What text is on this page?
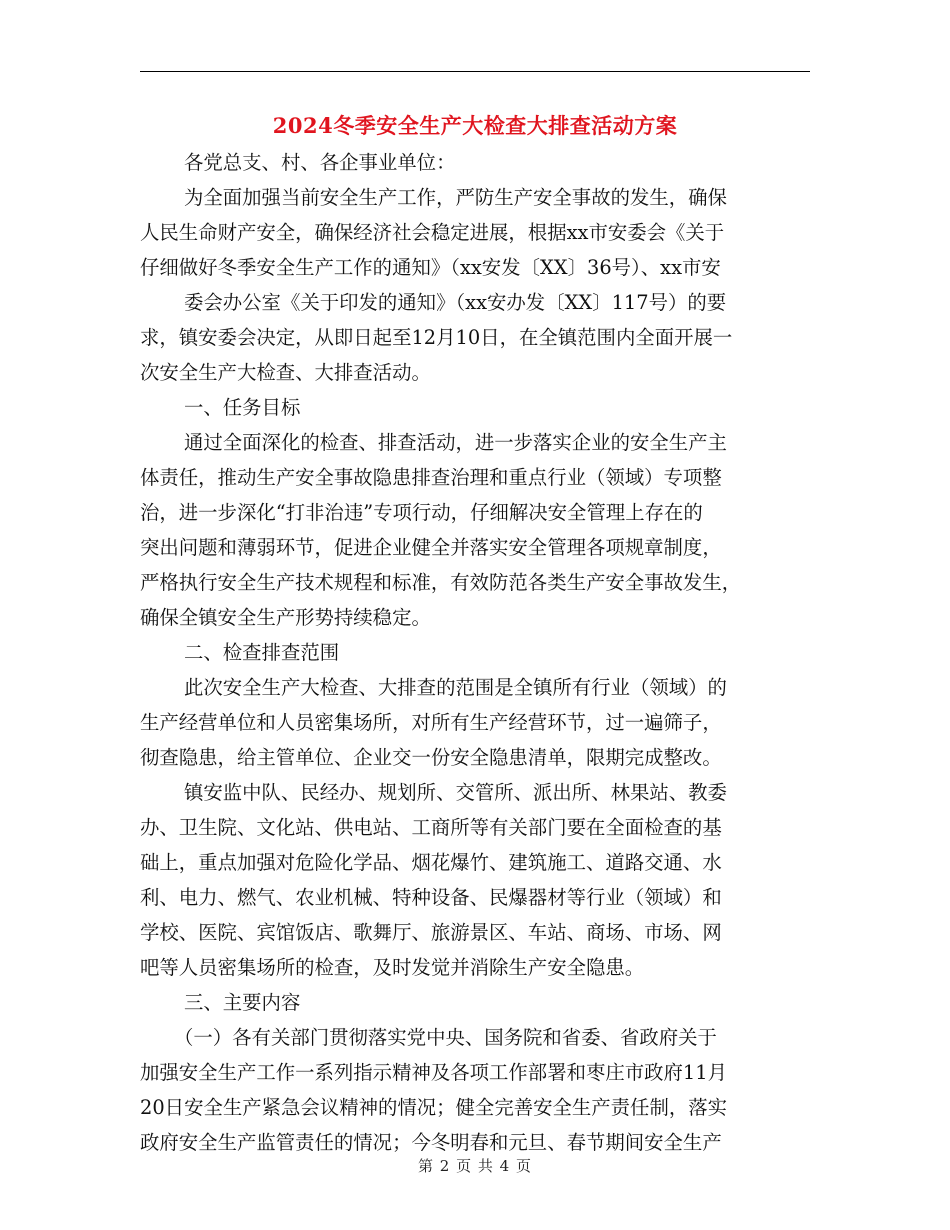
2024冬季安全生产大检查大排查活动方案
各党总支、村、各企事业单位：
为全面加强当前安全生产工作，严防生产安全事故的发生，确保
人民生命财产安全，确保经济社会稳定进展，根据xx市安委会《关于
仔细做好冬季安全生产工作的通知》（xx安发〔XX〕36号）、xx市安
委会办公室《关于印发的通知》（xx安办发〔XX〕117号）的要
求，镇安委会决定，从即日起至12月10日，在全镇范围内全面开展一
次安全生产大检查、大排查活动。
一、任务目标
通过全面深化的检查、排查活动，进一步落实企业的安全生产主
体责任，推动生产安全事故隐患排查治理和重点行业（领域）专项整
治，进一步深化“打非治违”专项行动，仔细解决安全管理上存在的
突出问题和薄弱环节，促进企业健全并落实安全管理各项规章制度，
严格执行安全生产技术规程和标准，有效防范各类生产安全事故发生，
确保全镇安全生产形势持续稳定。
二、检查排查范围
此次安全生产大检查、大排查的范围是全镇所有行业（领域）的
生产经营单位和人员密集场所，对所有生产经营环节，过一遍筛子，
彻查隐患，给主管单位、企业交一份安全隐患清单，限期完成整改。
镇安监中队、民经办、规划所、交管所、派出所、林果站、教委
办、卫生院、文化站、供电站、工商所等有关部门要在全面检查的基
础上，重点加强对危险化学品、烟花爆竹、建筑施工、道路交通、水
利、电力、燃气、农业机械、特种设备、民爆器材等行业（领域）和
学校、医院、宾馆饭店、歌舞厅、旅游景区、车站、商场、市场、网
吧等人员密集场所的检查，及时发觉并消除生产安全隐患。
三、主要内容
（一）各有关部门贯彻落实党中央、国务院和省委、省政府关于
加强安全生产工作一系列指示精神及各项工作部署和枣庄市政府11月
20日安全生产紧急会议精神的情况；健全完善安全生产责任制，落实
政府安全生产监管责任的情况；今冬明春和元旦、春节期间安全生产
第 2 页 共 4 页
